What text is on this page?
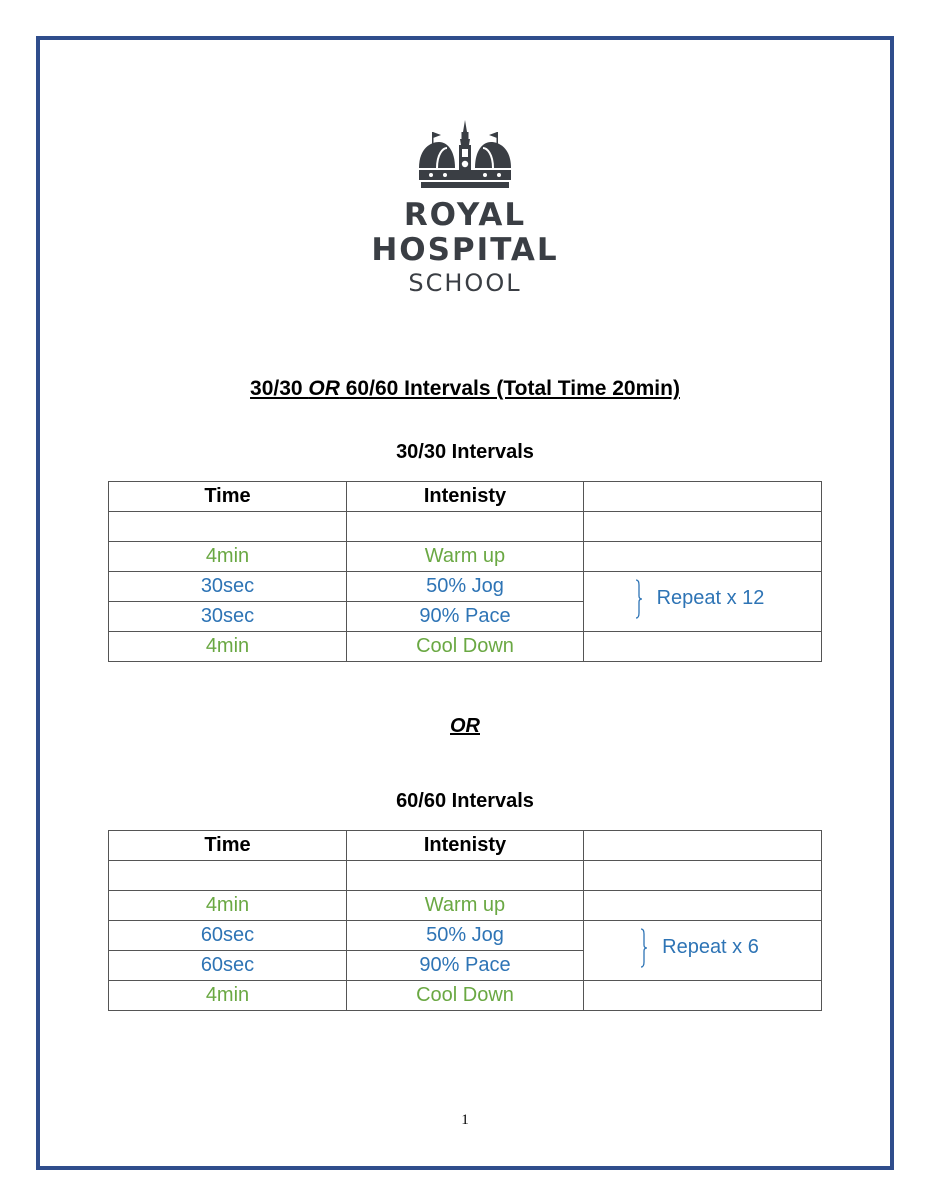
ROYAL
HOSPITAL
SCHOOL
30/30 OR 60/60 Intervals (Total Time 20min)
30/30 Intervals
Time	Intenisty	

4min	Warm up	
30sec	50% Jog	Repeat x 12

30sec	90% Pace	
4min	Cool Down	
OR
60/60 Intervals
Time	Intenisty	

4min	Warm up	
60sec	50% Jog	Repeat x 6

60sec	90% Pace	
4min	Cool Down	
1
